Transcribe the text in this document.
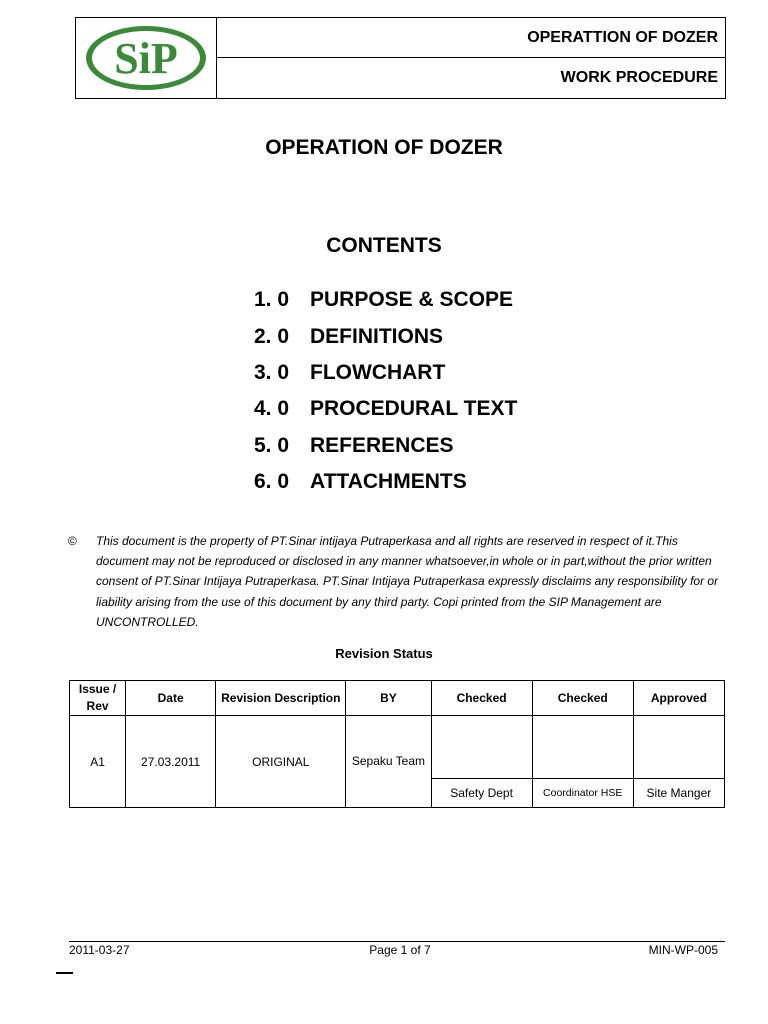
SiP	OPERATTION OF DOZER
WORK PROCEDURE
OPERATION OF DOZER
CONTENTS
1. 0 PURPOSE & SCOPE
2. 0 DEFINITIONS
3. 0 FLOWCHART
4. 0 PROCEDURAL TEXT
5. 0 REFERENCES
6. 0 ATTACHMENTS
© This document is the property of PT.Sinar intijaya Putraperkasa and all rights are reserved in respect of it.This document may not be reproduced or disclosed in any manner whatsoever,in whole or in part,without the prior written consent of PT.Sinar Intijaya Putraperkasa. PT.Sinar Intijaya Putraperkasa expressly disclaims any responsibility for or liability arising from the use of this document by any third party. Copi printed from the SIP Management are UNCONTROLLED.
Revision Status
Issue / Rev	Date	Revision Description	BY	Checked	Checked	Approved
A1	27.03.2011	ORIGINAL	Sepaku Team			
				Safety Dept	Coordinator HSE	Site Manger
2011-03-27	Page 1 of 7	MIN-WP-005
